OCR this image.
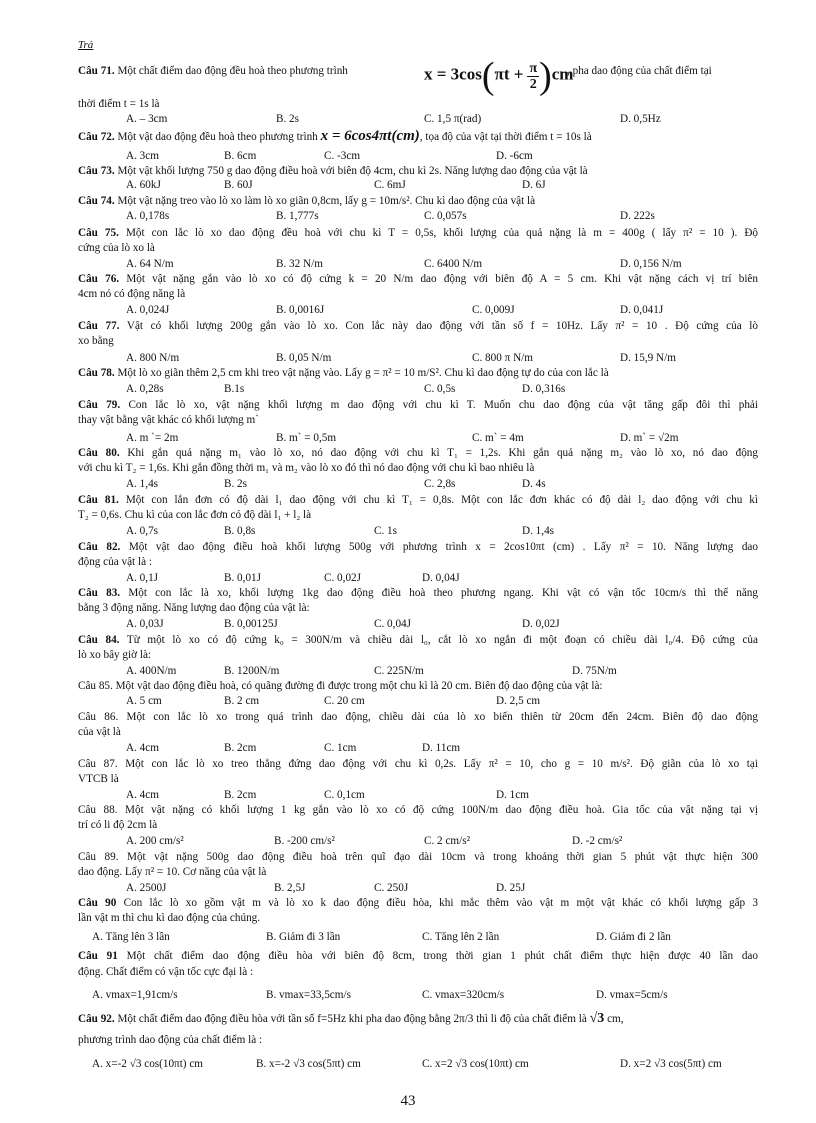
Trả
Câu 71. Một chất điểm dao động đều hoà theo phương trình	$x = 3\cos(\pi t + \frac{\pi}{2} )cm$
, pha dao động của chất điểm tại
thời điểm t = 1s là
A. – 3cm	B. 2s	C. 1,5 π(rad)	D. 0,5Hz
Câu 72. Một vật dao động đều hoà theo phương trình x = 6cos4πt(cm), tọa độ của vật tại thời điểm t = 10s là
A. 3cm	B. 6cm	C. -3cm	D. -6cm
Câu 73. Một vật khối lượng 750 g dao động điều hoà với biên độ 4cm, chu kì 2s. Năng lượng dao động của vật là
A. 60kJ	B. 60J	C. 6mJ	D. 6J
Câu 74. Một vật nặng treo vào lò xo làm lò xo giãn 0,8cm, lấy g = 10m/s². Chu kì dao động của vật là
A. 0,178s	B. 1,777s	C. 0,057s	D. 222s
Câu 75. Một con lắc lò xo dao động đều hoà với chu kì T = 0,5s, khối lượng của quả nặng là m = 400g ( lấy π² = 10 ). Độ
cứng của lò xo là
A. 64 N/m	B. 32 N/m	C. 6400 N/m	D. 0,156 N/m
Câu 76. Một vật nặng gắn vào lò xo có độ cứng k = 20 N/m dao động với biên độ A = 5 cm. Khi vật nặng cách vị trí biên
4cm nó có động năng là
A. 0,024J	B. 0,0016J	C. 0,009J	D. 0,041J
Câu 77. Vật có khối lượng 200g gắn vào lò xo. Con lắc này dao động với tần số f = 10Hz. Lấy π² = 10 . Độ cứng của lò
xo bằng
A. 800 N/m	B. 0,05 N/m	C. 800 π N/m	D. 15,9 N/m
Câu 78. Một lò xo giãn thêm 2,5 cm khi treo vật nặng vào. Lấy g = π² = 10 m/S². Chu kì dao động tự do của con lắc là
A. 0,28s	B.1s	C. 0,5s	D. 0,316s
Câu 79. Con lắc lò xo, vật nặng khối lượng m dao động với chu kì T. Muốn chu dao động của vật tăng gấp đôi thì phải
thay vật bằng vật khác có khối lượng m`
A. m `= 2m	B. m` = 0,5m	C. m` = 4m	D. m` = √2m
Câu 80. Khi gắn quả nặng m₁ vào lò xo, nó dao động với chu kì T₁ = 1,2s. Khi gắn quả nặng m₂ vào lò xo, nó dao động
với chu kì T₂ = 1,6s. Khi gắn đồng thời m₁ và m₂ vào lò xo đó thì nó dao động với chu kì bao nhiêu là
A. 1,4s	B. 2s	C. 2,8s	D. 4s
Câu 81. Một con lắn đơn có độ dài l₁ dao động với chu kì T₁ = 0,8s. Một con lắc đơn khác có độ dài l₂ dao động với chu kì
T₂ = 0,6s. Chu kì của con lắc đơn có độ dài l₁ + l₂ là
A. 0,7s	B. 0,8s	C. 1s	D. 1,4s
Câu 82. Một vật dao động điều hoà khối lượng 500g với phương trình x = 2cos10πt (cm) . Lấy π² = 10. Năng lượng dao
động của vật là :
A. 0,1J	B. 0,01J	C. 0,02J	D. 0,04J
Câu 83. Một con lắc là xo, khối lượng 1kg dao động điều hoà theo phương ngang. Khi vật có vận tốc 10cm/s thì thế năng
bằng 3 động năng. Năng lượng dao động của vật là:
A. 0,03J	B. 0,00125J	C. 0,04J	D. 0,02J
Câu 84. Từ một lò xo có độ cứng k₀ = 300N/m và chiều dài l₀, cắt lò xo ngắn đi một đoạn có chiều dài l₀/4. Độ cứng của
lò xo bây giờ là:
A. 400N/m	B. 1200N/m	C. 225N/m	D. 75N/m
Câu 85. Một vật dao động điều hoà, có quãng đường đi được trong một chu kì là 20 cm. Biên độ dao động của vật là:
A. 5 cm	B. 2 cm	C. 20 cm	D. 2,5 cm
Câu 86. Một con lắc lò xo trong quá trình dao động, chiều dài của lò xo biến thiên từ 20cm đến 24cm. Biên độ dao động
của vật là
A. 4cm	B. 2cm	C. 1cm	D. 11cm
Câu 87. Một con lắc lò xo treo thẳng đứng dao động với chu kì 0,2s. Lấy π² = 10, cho g = 10 m/s². Độ giãn của lò xo tại
VTCB là
A. 4cm	B. 2cm	C. 0,1cm	D. 1cm
Câu 88. Một vật nặng có khối lượng 1 kg gắn vào lò xo có độ cứng 100N/m dao động điều hoà. Gia tốc của vật nặng tại vị
trí có li độ 2cm là
A. 200 cm/s²	B. -200 cm/s²	C. 2 cm/s²	D. -2 cm/s²
Câu 89. Một vật nặng 500g dao động điều hoà trên quĩ đạo dài 10cm và trong khoảng thời gian 5 phút vật thực hiện 300
dao động. Lấy π² = 10. Cơ năng của vật là
A. 2500J	B. 2,5J	C. 250J	D. 25J
Câu 90 Con lắc lò xo gồm vật m và lò xo k dao động điều hòa, khi mắc thêm vào vật m một vật khác có khối lượng gấp 3
lần vật m thì chu kì dao động của chúng.
A. Tăng lên 3 lần	B. Giảm đi 3 lần	C. Tăng lên 2 lần	D. Giảm đi 2 lần
Câu 91 Một chất điểm dao động điều hòa với biên độ 8cm, trong thời gian 1 phút chất điểm thực hiện được 40 lần dao
động. Chất điểm có vận tốc cực đại là :
A. vmax=1,91cm/s	B. vmax=33,5cm/s	C. vmax=320cm/s	D. vmax=5cm/s
Câu 92. Một chất điểm dao động điều hòa với tần số f=5Hz khi pha dao động bằng 2π/3 thì li độ của chất điểm là √3 cm,
phương trình dao động của chất điểm là :
A. x=-2 √3 cos(10πt) cm	B. x=-2 √3 cos(5πt) cm	C. x=2 √3 cos(10πt) cm	D. x=2 √3 cos(5πt) cm
43
